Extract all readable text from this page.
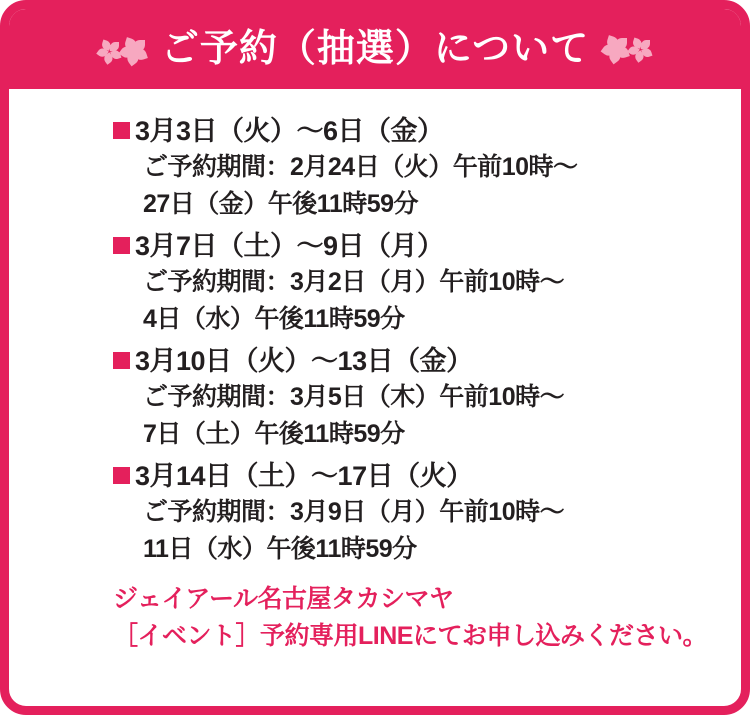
ご予約（抽選）について
3月3日（火）〜6日（金）
ご予約期間：2月24日（火）午前10時〜
27日（金）午後11時59分
3月7日（土）〜9日（月）
ご予約期間：3月2日（月）午前10時〜
4日（水）午後11時59分
3月10日（火）〜13日（金）
ご予約期間：3月5日（木）午前10時〜
7日（土）午後11時59分
3月14日（土）〜17日（火）
ご予約期間：3月9日（月）午前10時〜
11日（水）午後11時59分
ジェイアール名古屋タカシマヤ
［イベント］予約専用LINEにてお申し込みください。
